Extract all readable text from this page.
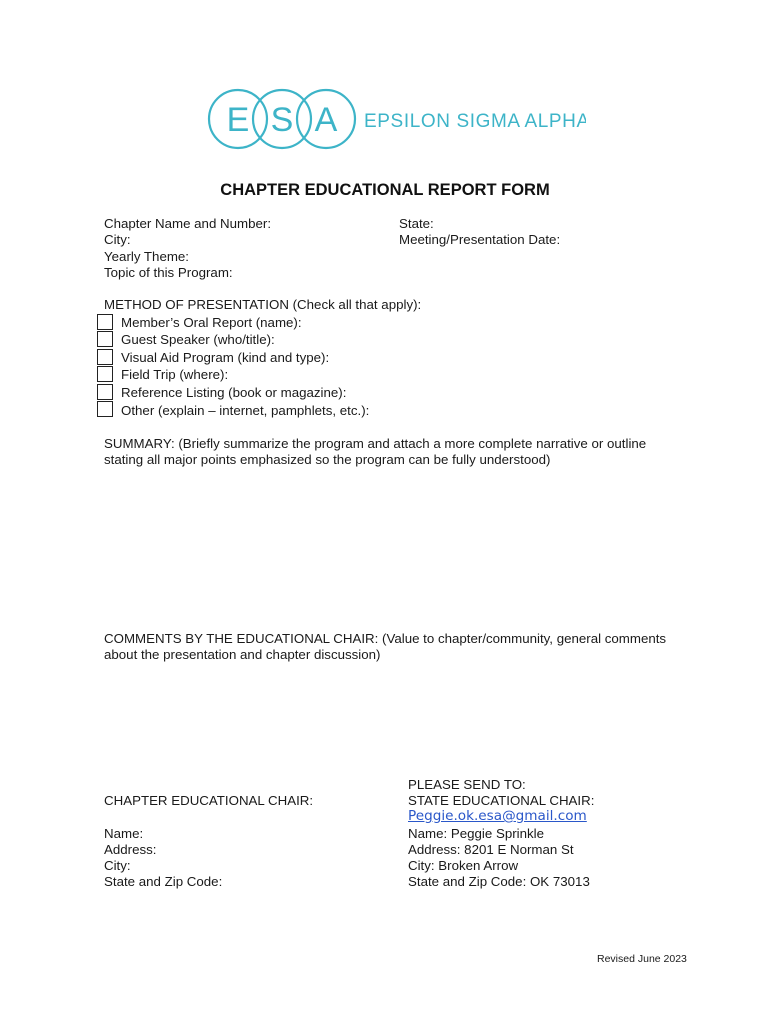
E S A EPSILON SIGMA ALPHA
CHAPTER EDUCATIONAL REPORT FORM
Chapter Name and Number:
City:
Yearly Theme:
Topic of this Program:
State:
Meeting/Presentation Date:
METHOD OF PRESENTATION (Check all that apply):
Member’s Oral Report (name):
Guest Speaker (who/title):
Visual Aid Program (kind and type):
Field Trip (where):
Reference Listing (book or magazine):
Other (explain – internet, pamphlets, etc.):
SUMMARY: (Briefly summarize the program and attach a more complete narrative or outline
stating all major points emphasized so the program can be fully understood)
COMMENTS BY THE EDUCATIONAL CHAIR: (Value to chapter/community, general comments
about the presentation and chapter discussion)
CHAPTER EDUCATIONAL CHAIR:
Name:
Address:
City:
State and Zip Code:
PLEASE SEND TO:
STATE EDUCATIONAL CHAIR:
Peggie.ok.esa@gmail.com
Name: Peggie Sprinkle
Address: 8201 E Norman St
City: Broken Arrow
State and Zip Code: OK 73013
Revised June 2023
